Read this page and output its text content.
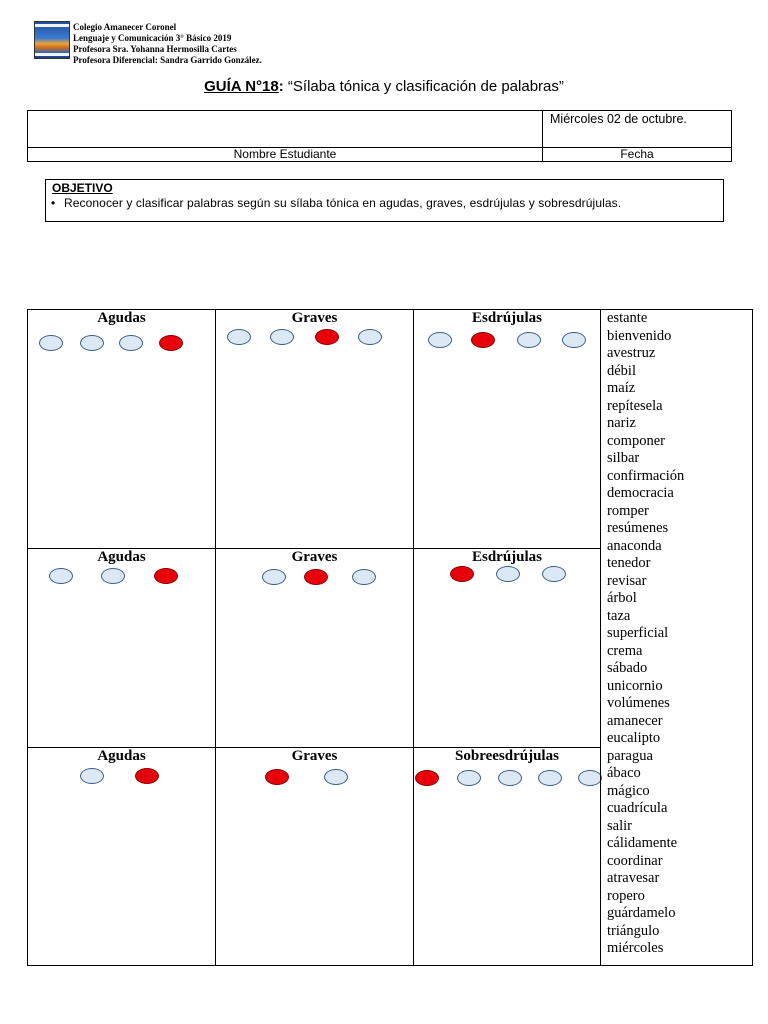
Colegio Amanecer Coronel
Lenguaje y Comunicación 3° Básico 2019
Profesora Sra. Yohanna Hermosilla Cartes
Profesora Diferencial: Sandra Garrido González.
GUÍA N°18: “Sílaba tónica y clasificación de palabras”
Miércoles 02 de octubre.
Nombre Estudiante	Fecha
OBJETIVO
• Reconocer y clasificar palabras según su sílaba tónica en agudas, graves, esdrújulas y sobresdrújulas.
Agudas	Graves	Esdrújulas
Agudas	Graves	Esdrújulas
Agudas	Graves	Sobreesdrújulas
estante
bienvenido
avestruz
débil
maíz
repítesela
nariz
componer
silbar
confirmación
democracia
romper
resúmenes
anaconda
tenedor
revisar
árbol
taza
superficial
crema
sábado
unicornio
volúmenes
amanecer
eucalipto
paragua
ábaco
mágico
cuadrícula
salir
cálidamente
coordinar
atravesar
ropero
guárdamelo
triángulo
miércoles
